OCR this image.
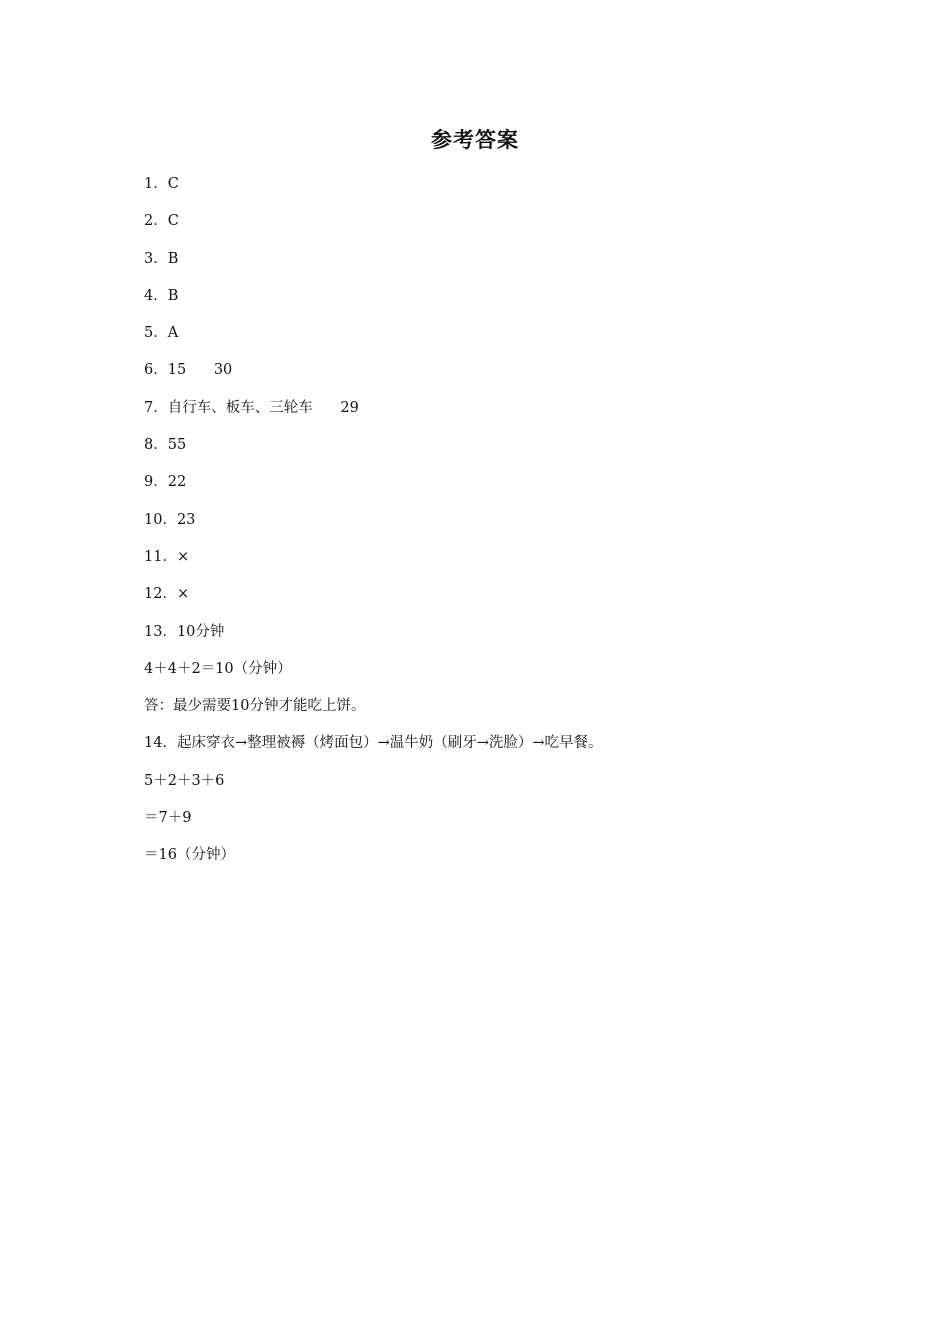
参考答案
1．C
2．C
3．B
4．B
5．A
6．15      30
7．自行车、板车、三轮车      29
8．55
9．22
10．23
11．×
12．×
13．10分钟
4＋4＋2＝10（分钟）
答：最少需要10分钟才能吃上饼。
14．起床穿衣→整理被褥（烤面包）→温牛奶（刷牙→洗脸）→吃早餐。
5＋2＋3＋6
＝7＋9
＝16（分钟）
